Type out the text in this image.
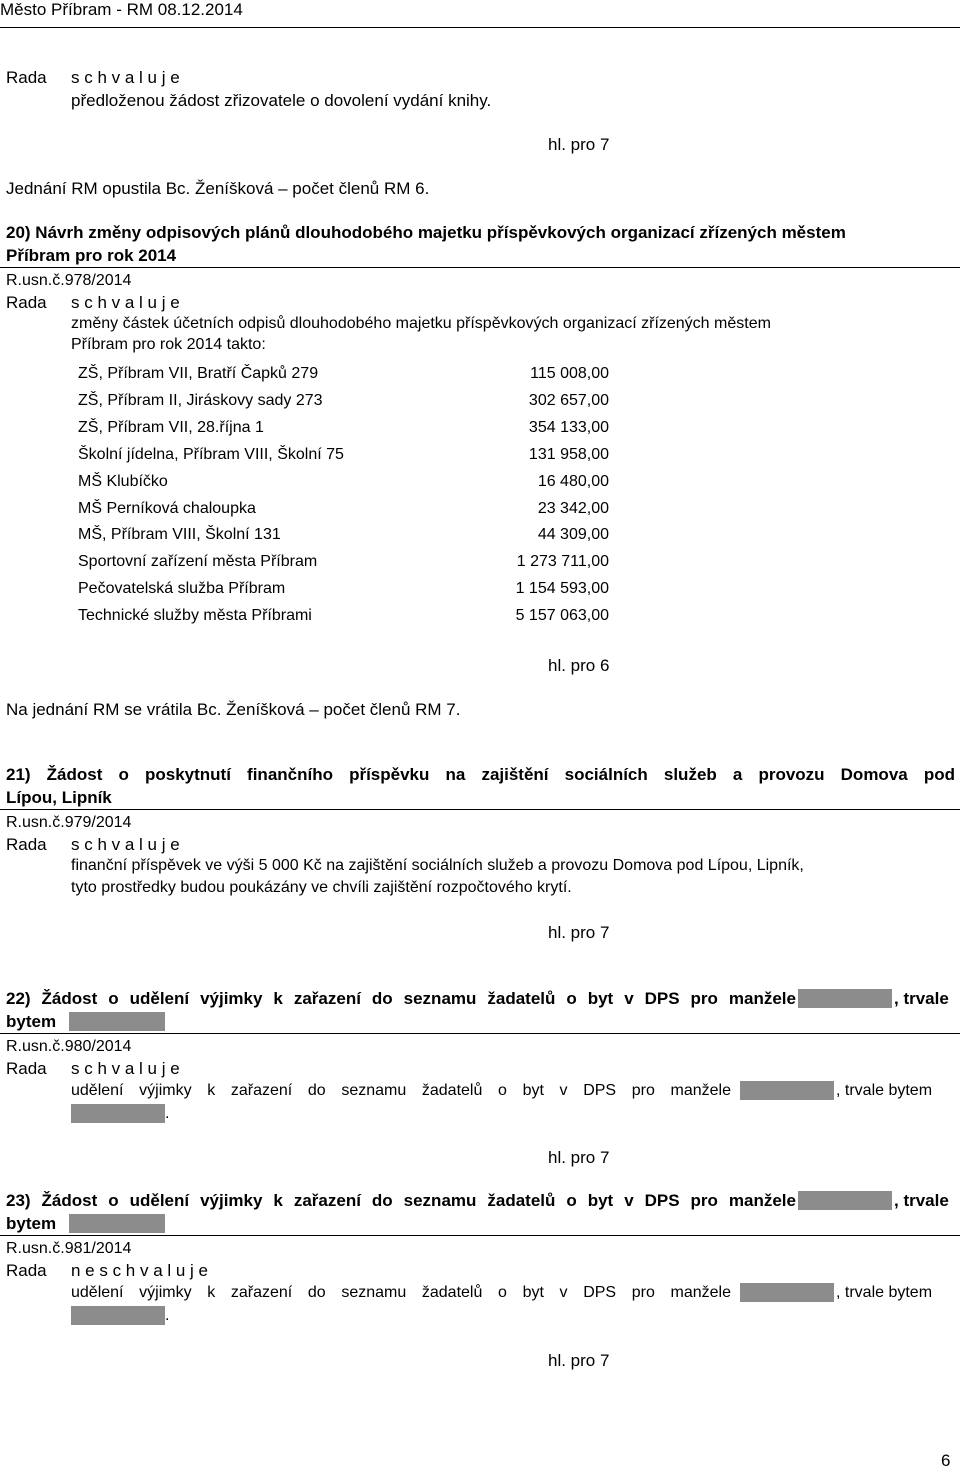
Město Příbram - RM 08.12.2014
Rada s c h v a l u j e
předloženou žádost zřizovatele o dovolení vydání knihy.
hl. pro 7
Jednání RM opustila Bc. Ženíšková – počet členů RM 6.
20) Návrh změny odpisových plánů dlouhodobého majetku příspěvkových organizací zřízených městem
Příbram pro rok 2014
R.usn.č.978/2014
Rada s c h v a l u j e
změny částek účetních odpisů dlouhodobého majetku příspěvkových organizací zřízených městem
Příbram pro rok 2014 takto:
ZŠ, Příbram VII, Bratří Čapků 279	115 008,00
ZŠ, Příbram II, Jiráskovy sady 273	302 657,00
ZŠ, Příbram VII, 28.října 1	354 133,00
Školní jídelna, Příbram VIII, Školní 75	131 958,00
MŠ Klubíčko	16 480,00
MŠ Perníková chaloupka	23 342,00
MŠ, Příbram VIII, Školní 131	44 309,00
Sportovní zařízení města Příbram	1 273 711,00
Pečovatelská služba Příbram	1 154 593,00
Technické služby města Příbrami	5 157 063,00
hl. pro 6
Na jednání RM se vrátila Bc. Ženíšková – počet členů RM 7.
21) Žádost o poskytnutí finančního příspěvku na zajištění sociálních služeb a provozu Domova pod
Lípou, Lipník
R.usn.č.979/2014
Rada s c h v a l u j e
finanční příspěvek ve výši 5 000 Kč na zajištění sociálních služeb a provozu Domova pod Lípou, Lipník,
tyto prostředky budou poukázány ve chvíli zajištění rozpočtového krytí.
hl. pro 7
22) Žádost o udělení výjimky k zařazení do seznamu žadatelů o byt v DPS pro manžele	, trvale
bytem
R.usn.č.980/2014
Rada s c h v a l u j e
udělení výjimky k zařazení do seznamu žadatelů o byt v DPS pro manžele	, trvale bytem
.
hl. pro 7
23) Žádost o udělení výjimky k zařazení do seznamu žadatelů o byt v DPS pro manžele	, trvale
bytem
R.usn.č.981/2014
Rada n e s c h v a l u j e
udělení výjimky k zařazení do seznamu žadatelů o byt v DPS pro manžele	, trvale bytem
.
hl. pro 7
6
